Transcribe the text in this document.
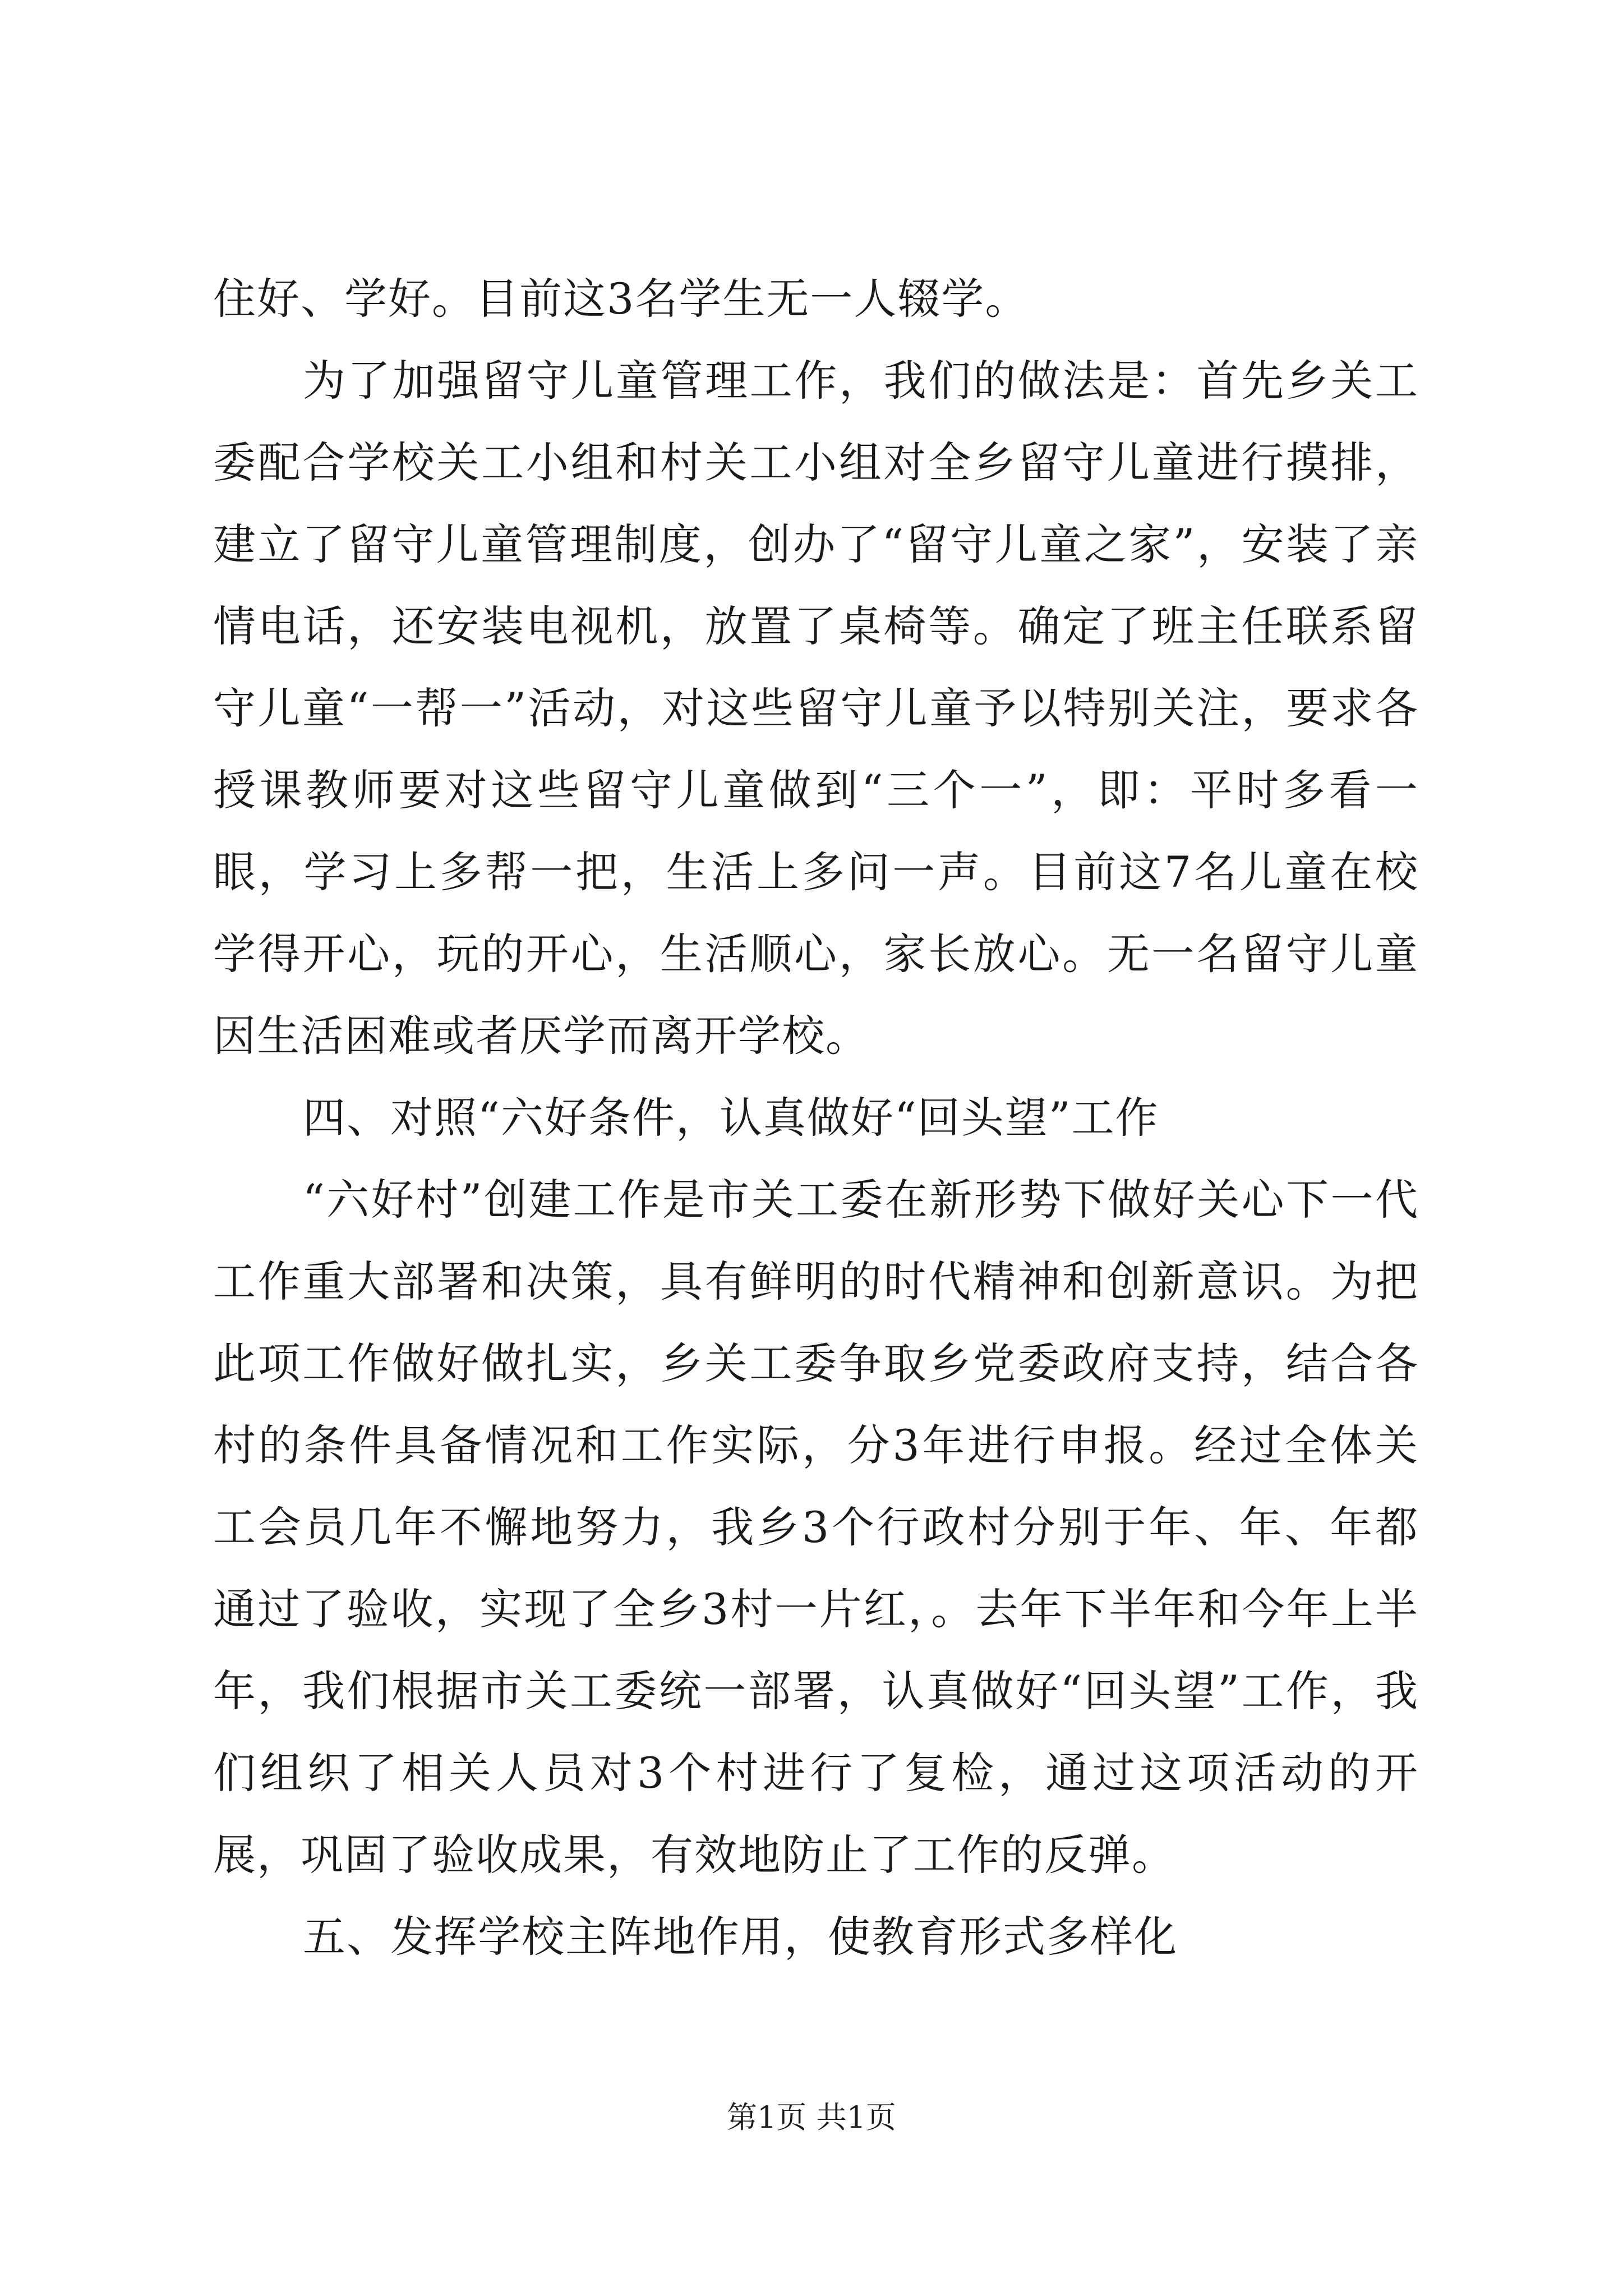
住好、学好。目前这3名学生无一人辍学。

为了加强留守儿童管理工作，我们的做法是：首先乡关工委配合学校关工小组和村关工小组对全乡留守儿童进行摸排，建立了留守儿童管理制度，创办了“留守儿童之家”，安装了亲情电话，还安装电视机，放置了桌椅等。确定了班主任联系留守儿童“一帮一”活动，对这些留守儿童予以特别关注，要求各授课教师要对这些留守儿童做到“三个一”，即：平时多看一眼，学习上多帮一把，生活上多问一声。目前这7名儿童在校学得开心，玩的开心，生活顺心，家长放心。无一名留守儿童因生活困难或者厌学而离开学校。

四、对照“六好条件，认真做好“回头望”工作

“六好村”创建工作是市关工委在新形势下做好关心下一代工作重大部署和决策，具有鲜明的时代精神和创新意识。为把此项工作做好做扎实，乡关工委争取乡党委政府支持，结合各村的条件具备情况和工作实际，分3年进行申报。经过全体关工会员几年不懈地努力，我乡3个行政村分别于年、年、年都通过了验收，实现了全乡3村一片红，。去年下半年和今年上半年，我们根据市关工委统一部署，认真做好“回头望”工作，我们组织了相关人员对3个村进行了复检，通过这项活动的开展，巩固了验收成果，有效地防止了工作的反弹。

五、发挥学校主阵地作用，使教育形式多样化

第1页 共1页
